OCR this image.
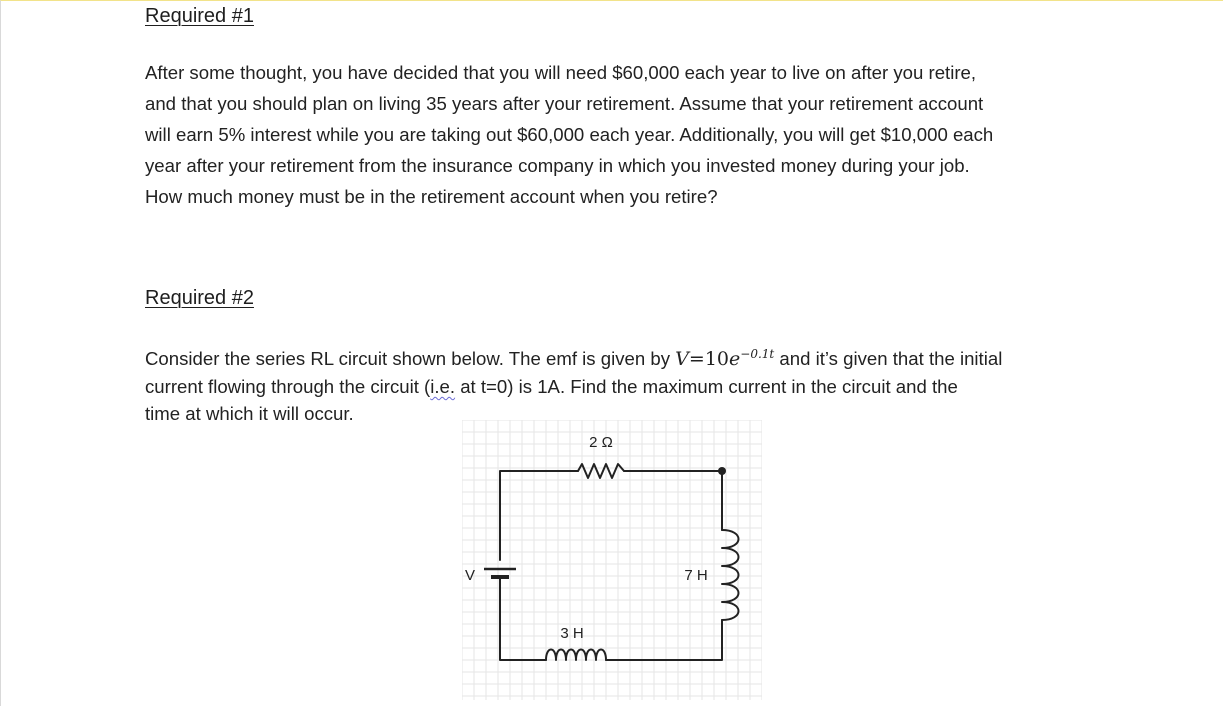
Required #1
After some thought, you have decided that you will need $60,000 each year to live on after you retire,
and that you should plan on living 35 years after your retirement. Assume that your retirement account
will earn 5% interest while you are taking out $60,000 each year. Additionally, you will get $10,000 each
year after your retirement from the insurance company in which you invested money during your job.
How much money must be in the retirement account when you retire?
Required #2
Consider the series RL circuit shown below. The emf is given by $V=10e^{-0.1t}$ and it’s given that the initial
current flowing through the circuit (i.e. at t=0) is 1A. Find the maximum current in the circuit and the
time at which it will occur.
2 Ω
V	7 H
3 H
